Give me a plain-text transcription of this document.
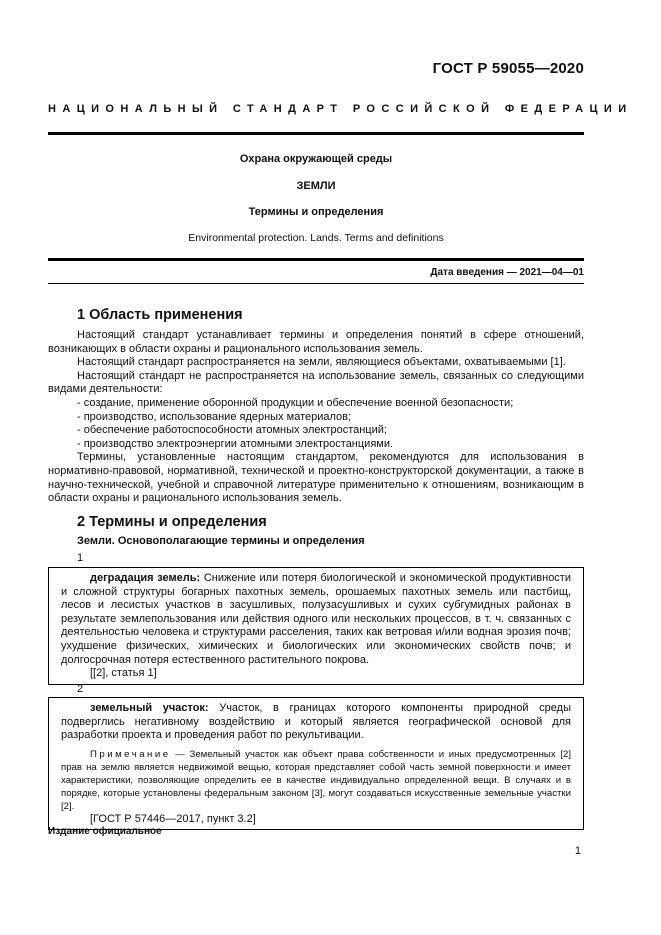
ГОСТ Р 59055—2020
НАЦИОНАЛЬНЫЙ СТАНДАРТ РОССИЙСКОЙ ФЕДЕРАЦИИ
Охрана окружающей среды
ЗЕМЛИ
Термины и определения
Environmental protection. Lands. Terms and definitions
Дата введения — 2021—04—01
1 Область применения

Настоящий стандарт устанавливает термины и определения понятий в сфере отношений, возникающих в области охраны и рационального использования земель.

Настоящий стандарт распространяется на земли, являющиеся объектами, охватываемыми [1].

Настоящий стандарт не распространяется на использование земель, связанных со следующими видами деятельности:

- создание, применение оборонной продукции и обеспечение военной безопасности;

- производство, использование ядерных материалов;

- обеспечение работоспособности атомных электростанций;

- производство электроэнергии атомными электростанциями.

Термины, установленные настоящим стандартом, рекомендуются для использования в нормативно-правовой, нормативной, технической и проектно-конструкторской документации, а также в научно-технической, учебной и справочной литературе применительно к отношениям, возникающим в области охраны и рационального использования земель.

2 Термины и определения
Земли. Основополагающие термины и определения
1

деградация земель: Снижение или потеря биологической и экономической продуктивности и сложной структуры богарных пахотных земель, орошаемых пахотных земель или пастбищ, лесов и лесистых участков в засушливых, полузасушливых и сухих субгумидных районах в результате землепользования или действия одного или нескольких процессов, в т. ч. связанных с деятельностью человека и структурами расселения, таких как ветровая и/или водная эрозия почв; ухудшение физических, химических и биологических или экономических свойств почв; и долгосрочная потеря естественного растительного покрова.

[[2], статья 1]

2

земельный участок: Участок, в границах которого компоненты природной среды подверглись негативному воздействию и который является географической основой для разработки проекта и проведения работ по рекультивации.

Примечание — Земельный участок как объект права собственности и иных предусмотренных [2] прав на землю является недвижимой вещью, которая представляет собой часть земной поверхности и имеет характеристики, позволяющие определить ее в качестве индивидуально определенной вещи. В случаях и в порядке, которые установлены федеральным законом [3], могут создаваться искусственные земельные участки [2].

[ГОСТ Р 57446—2017, пункт 3.2]

Издание официальное
1
